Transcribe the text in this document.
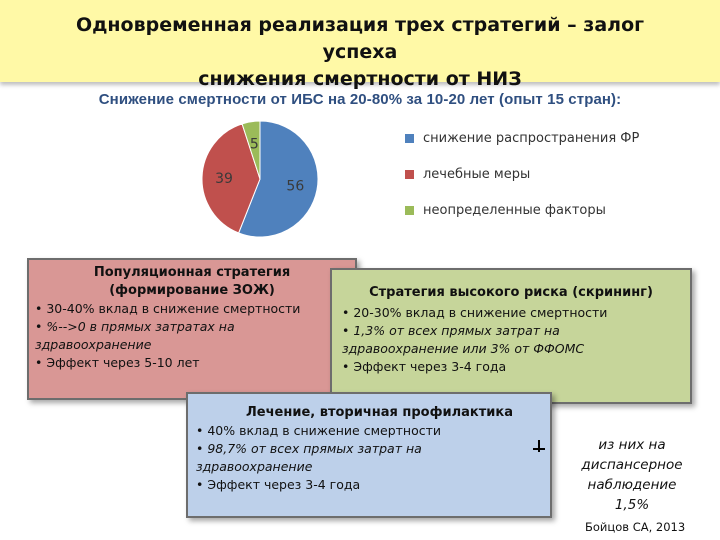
Одновременная реализация трех стратегий – залог успеха
снижения смертности от НИЗ
Снижение смертности от ИБС на 20-80% за 10-20 лет (опыт 15 стран):
56
39
5	снижение распространения ФР
лечебные меры
неопределенные факторы

Популяционная стратегия

(формирование ЗОЖ)

• 30-40% вклад в снижение смертности

• %-->0 в прямых затратах на

здравоохранение

• Эффект через 5-10 лет

Стратегия высокого риска (скрининг)

• 20-30% вклад в снижение смертности

• 1,3% от всех прямых затрат на

здравоохранение или 3% от ФФОМС

• Эффект через 3-4 года

Лечение, вторичная профилактика

• 40% вклад в снижение смертности

• 98,7% от всех прямых затрат на

здравоохранение

• Эффект через 3-4 года

из них на
диспансерное
наблюдение
1,5%
Бойцов СА, 2013
